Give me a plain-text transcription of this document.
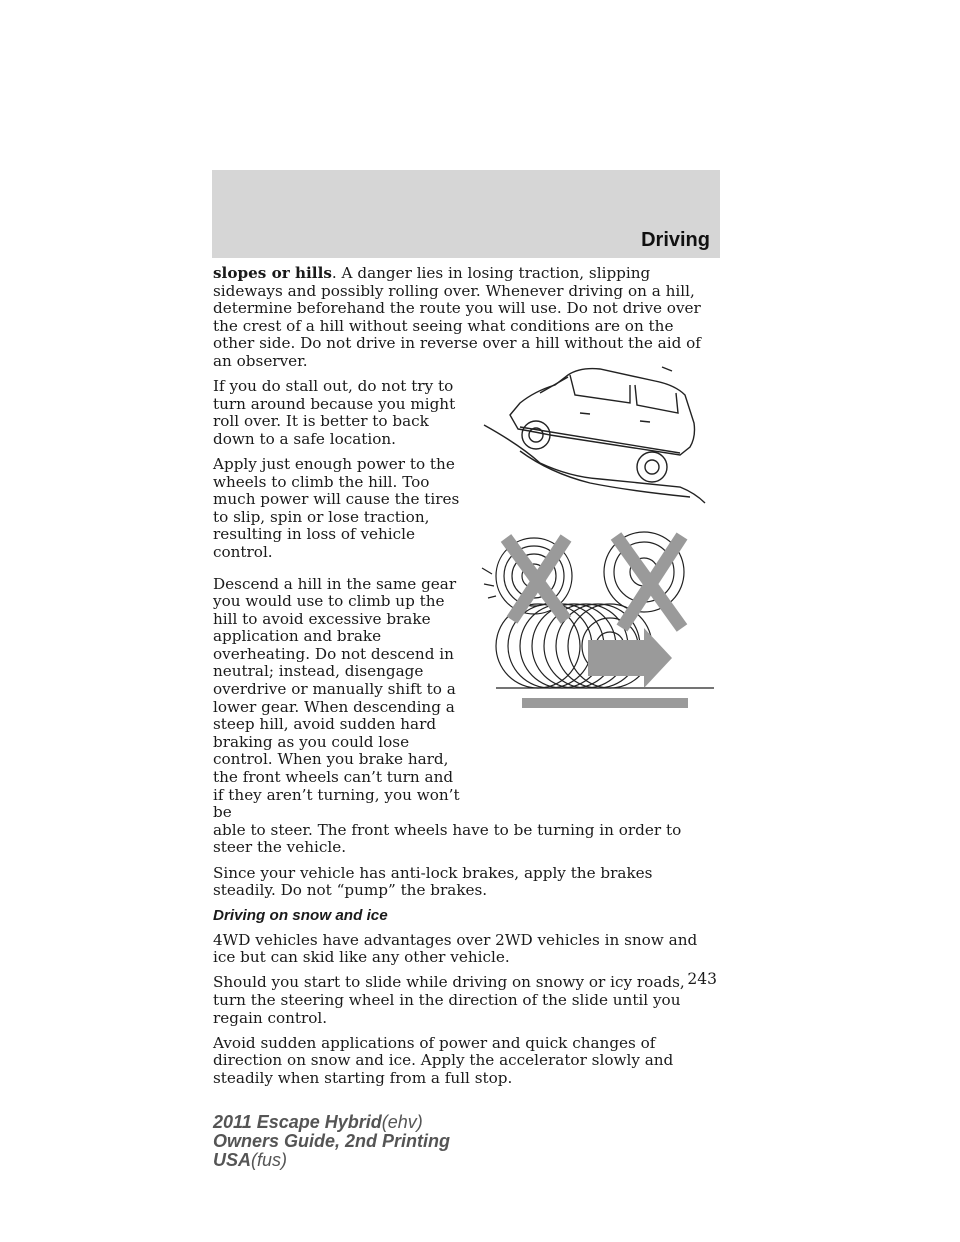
Driving

slopes or hills. A danger lies in losing traction, slipping sideways and possibly rolling over. Whenever driving on a hill, determine beforehand the route you will use. Do not drive over the crest of a hill without seeing what conditions are on the other side. Do not drive in reverse over a hill without the aid of an observer.

If you do stall out, do not try to turn around because you might roll over. It is better to back down to a safe location.

Apply just enough power to the wheels to climb the hill. Too much power will cause the tires to slip, spin or lose traction, resulting in loss of vehicle control.

Descend a hill in the same gear you would use to climb up the hill to avoid excessive brake application and brake overheating. Do not descend in neutral; instead, disengage overdrive or manually shift to a lower gear. When descending a steep hill, avoid sudden hard braking as you could lose control. When you brake hard, the front wheels can’t turn and if they aren’t turning, you won’t be

able to steer. The front wheels have to be turning in order to steer the vehicle.

Since your vehicle has anti-lock brakes, apply the brakes steadily. Do not “pump” the brakes.

Driving on snow and ice

4WD vehicles have advantages over 2WD vehicles in snow and ice but can skid like any other vehicle.

Should you start to slide while driving on snowy or icy roads, turn the steering wheel in the direction of the slide until you regain control.

Avoid sudden applications of power and quick changes of direction on snow and ice. Apply the accelerator slowly and steadily when starting from a full stop.

243
2011 Escape Hybrid(ehv)
Owners Guide, 2nd Printing
USA(fus)
